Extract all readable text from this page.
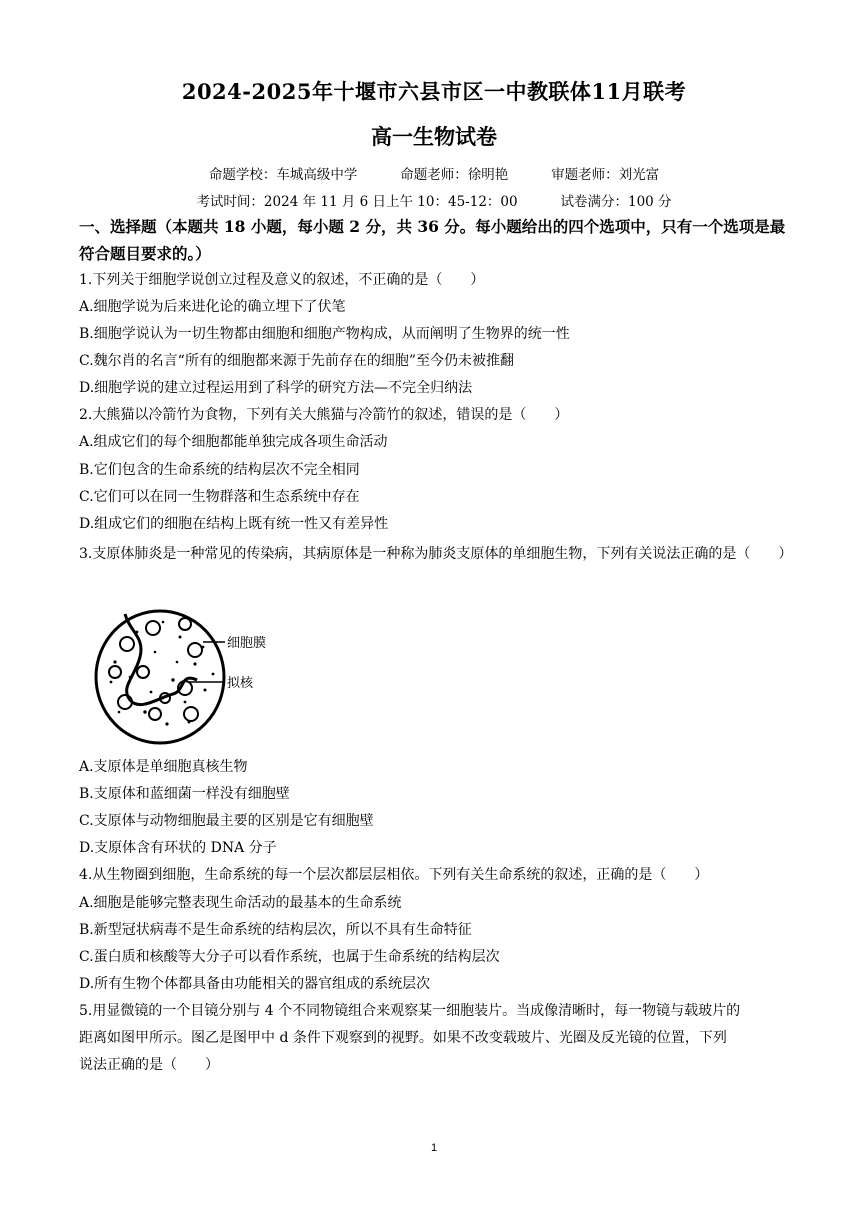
2024-2025年十堰市六县市区一中教联体11月联考
高一生物试卷
命题学校：车城高级中学          命题老师：徐明艳          审题老师：刘光富
考试时间：2024 年 11 月 6 日上午 10：45-12：00          试卷满分：100 分
一、选择题（本题共 18 小题，每小题 2 分，共 36 分。每小题给出的四个选项中，只有一个选项是最符合题目要求的。）
1.下列关于细胞学说创立过程及意义的叙述，不正确的是（　　）
A.细胞学说为后来进化论的确立埋下了伏笔
B.细胞学说认为一切生物都由细胞和细胞产物构成，从而阐明了生物界的统一性
C.魏尔肖的名言“所有的细胞都来源于先前存在的细胞”至今仍未被推翻
D.细胞学说的建立过程运用到了科学的研究方法—不完全归纳法
2.大熊猫以冷箭竹为食物，下列有关大熊猫与冷箭竹的叙述，错误的是（　　）
A.组成它们的每个细胞都能单独完成各项生命活动
B.它们包含的生命系统的结构层次不完全相同
C.它们可以在同一生物群落和生态系统中存在
D.组成它们的细胞在结构上既有统一性又有差异性
3.支原体肺炎是一种常见的传染病，其病原体是一种称为肺炎支原体的单细胞生物，下列有关说法正确的是（　　）
细胞膜
拟核
A.支原体是单细胞真核生物
B.支原体和蓝细菌一样没有细胞壁
C.支原体与动物细胞最主要的区别是它有细胞壁
D.支原体含有环状的 DNA 分子
4.从生物圈到细胞，生命系统的每一个层次都层层相依。下列有关生命系统的叙述，正确的是（　　）
A.细胞是能够完整表现生命活动的最基本的生命系统
B.新型冠状病毒不是生命系统的结构层次，所以不具有生命特征
C.蛋白质和核酸等大分子可以看作系统，也属于生命系统的结构层次
D.所有生物个体都具备由功能相关的器官组成的系统层次
5.用显微镜的一个目镜分别与 4 个不同物镜组合来观察某一细胞装片。当成像清晰时，每一物镜与载玻片的
距离如图甲所示。图乙是图甲中 d 条件下观察到的视野。如果不改变载玻片、光圈及反光镜的位置，下列
说法正确的是（　　）
1
